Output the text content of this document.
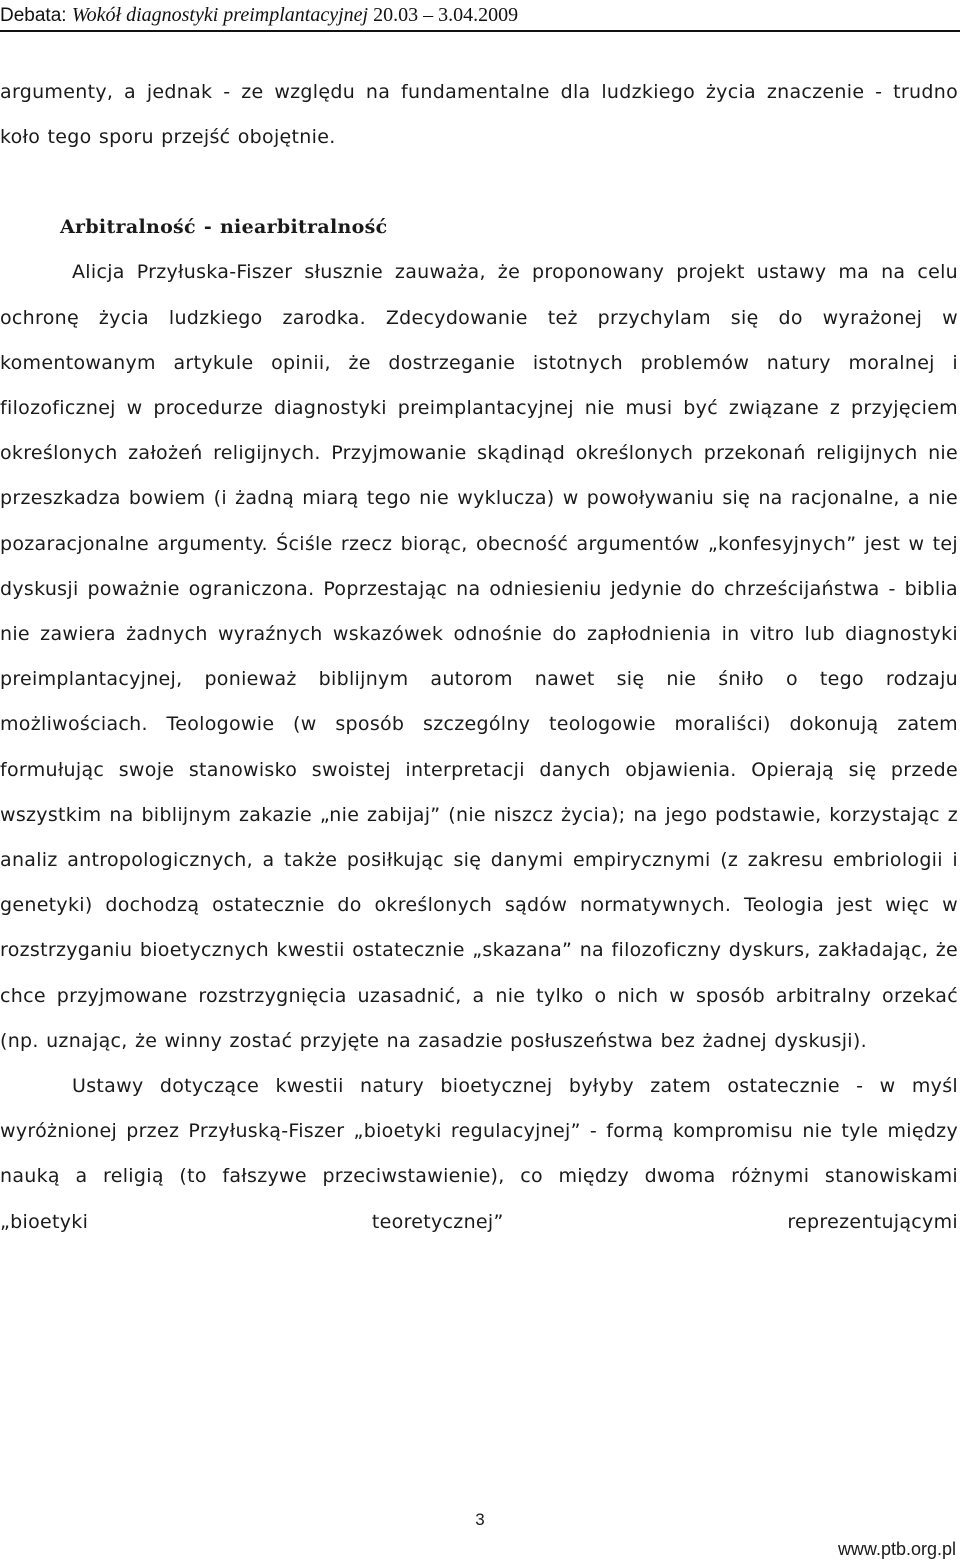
Debata: Wokół diagnostyki preimplantacyjnej 20.03 – 3.04.2009

argumenty, a jednak - ze względu na fundamentalne dla ludzkiego życia znaczenie - trudno koło tego sporu przejść obojętnie.

Arbitralność - niearbitralność

Alicja Przyłuska-Fiszer słusznie zauważa, że proponowany projekt ustawy ma na celu ochronę życia ludzkiego zarodka. Zdecydowanie też przychylam się do wyrażonej w komentowanym artykule opinii, że dostrzeganie istotnych problemów natury moralnej i filozoficznej w procedurze diagnostyki preimplantacyjnej nie musi być związane z przyjęciem określonych założeń religijnych. Przyjmowanie skądinąd określonych przekonań religijnych nie przeszkadza bowiem (i żadną miarą tego nie wyklucza) w powoływaniu się na racjonalne, a nie pozaracjonalne argumenty. Ściśle rzecz biorąc, obecność argumentów „konfesyjnych” jest w tej dyskusji poważnie ograniczona. Poprzestając na odniesieniu jedynie do chrześcijaństwa - biblia nie zawiera żadnych wyraźnych wskazówek odnośnie do zapłodnienia in vitro lub diagnostyki preimplantacyjnej, ponieważ biblijnym autorom nawet się nie śniło o tego rodzaju możliwościach. Teologowie (w sposób szczególny teologowie moraliści) dokonują zatem formułując swoje stanowisko swoistej interpretacji danych objawienia. Opierają się przede wszystkim na biblijnym zakazie „nie zabijaj” (nie niszcz życia); na jego podstawie, korzystając z analiz antropologicznych, a także posiłkując się danymi empirycznymi (z zakresu embriologii i genetyki) dochodzą ostatecznie do określonych sądów normatywnych. Teologia jest więc w rozstrzyganiu bioetycznych kwestii ostatecznie „skazana” na filozoficzny dyskurs, zakładając, że chce przyjmowane rozstrzygnięcia uzasadnić, a nie tylko o nich w sposób arbitralny orzekać (np. uznając, że winny zostać przyjęte na zasadzie posłuszeństwa bez żadnej dyskusji).

Ustawy dotyczące kwestii natury bioetycznej byłyby zatem ostatecznie - w myśl wyróżnionej przez Przyłuską-Fiszer „bioetyki regulacyjnej” - formą kompromisu nie tyle między nauką a religią (to fałszywe przeciwstawienie), co między dwoma różnymi stanowiskami „bioetyki teoretycznej” reprezentującymi

3
www.ptb.org.pl
